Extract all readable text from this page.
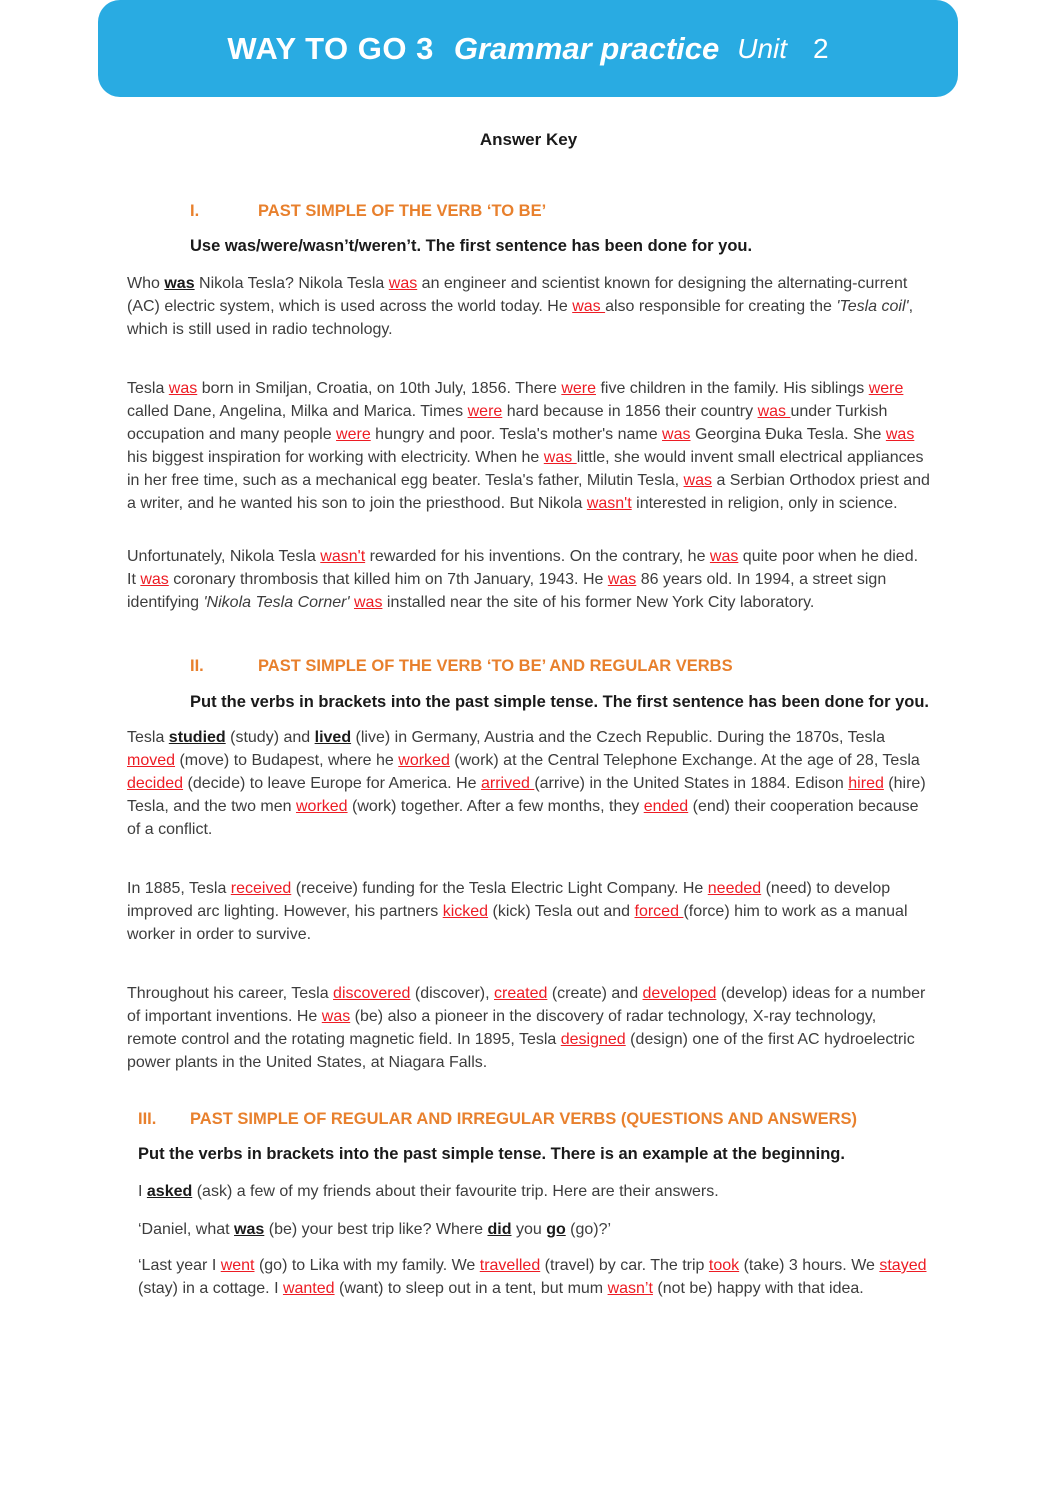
WAY TO GO 3 Grammar practice Unit 2
Answer Key
I.	PAST SIMPLE OF THE VERB ‘TO BE’

Use was/were/wasn’t/weren’t. The first sentence has been done for you.

Who was Nikola Tesla? Nikola Tesla was an engineer and scientist known for designing the alternating-current (AC) electric system, which is used across the world today. He was also responsible for creating the 'Tesla coil', which is still used in radio technology.

Tesla was born in Smiljan, Croatia, on 10th July, 1856. There were five children in the family. His siblings were called Dane, Angelina, Milka and Marica. Times were hard because in 1856 their country was under Turkish occupation and many people were hungry and poor. Tesla's mother's name was Georgina Đuka Tesla. She was his biggest inspiration for working with electricity. When he was little, she would invent small electrical appliances in her free time, such as a mechanical egg beater. Tesla's father, Milutin Tesla, was a Serbian Orthodox priest and a writer, and he wanted his son to join the priesthood. But Nikola wasn't interested in religion, only in science.

Unfortunately, Nikola Tesla wasn't rewarded for his inventions. On the contrary, he was quite poor when he died. It was coronary thrombosis that killed him on 7th January, 1943. He was 86 years old. In 1994, a street sign identifying 'Nikola Tesla Corner' was installed near the site of his former New York City laboratory.

II.	PAST SIMPLE OF THE VERB ‘TO BE’ AND REGULAR VERBS

Put the verbs in brackets into the past simple tense. The first sentence has been done for you.

Tesla studied (study) and lived (live) in Germany, Austria and the Czech Republic. During the 1870s, Tesla moved (move) to Budapest, where he worked (work) at the Central Telephone Exchange. At the age of 28, Tesla decided (decide) to leave Europe for America. He arrived (arrive) in the United States in 1884. Edison hired (hire) Tesla, and the two men worked (work) together. After a few months, they ended (end) their cooperation because of a conflict.

In 1885, Tesla received (receive) funding for the Tesla Electric Light Company. He needed (need) to develop improved arc lighting. However, his partners kicked (kick) Tesla out and forced (force) him to work as a manual worker in order to survive.

Throughout his career, Tesla discovered (discover), created (create) and developed (develop) ideas for a number of important inventions. He was (be) also a pioneer in the discovery of radar technology, X-ray technology, remote control and the rotating magnetic field. In 1895, Tesla designed (design) one of the first AC hydroelectric power plants in the United States, at Niagara Falls.

III.	PAST SIMPLE OF REGULAR AND IRREGULAR VERBS (QUESTIONS AND ANSWERS)

Put the verbs in brackets into the past simple tense. There is an example at the beginning.

I asked (ask) a few of my friends about their favourite trip. Here are their answers.

‘Daniel, what was (be) your best trip like? Where did you go (go)?’

‘Last year I went (go) to Lika with my family. We travelled (travel) by car. The trip took (take) 3 hours. We stayed (stay) in a cottage. I wanted (want) to sleep out in a tent, but mum wasn’t (not be) happy with that idea.
